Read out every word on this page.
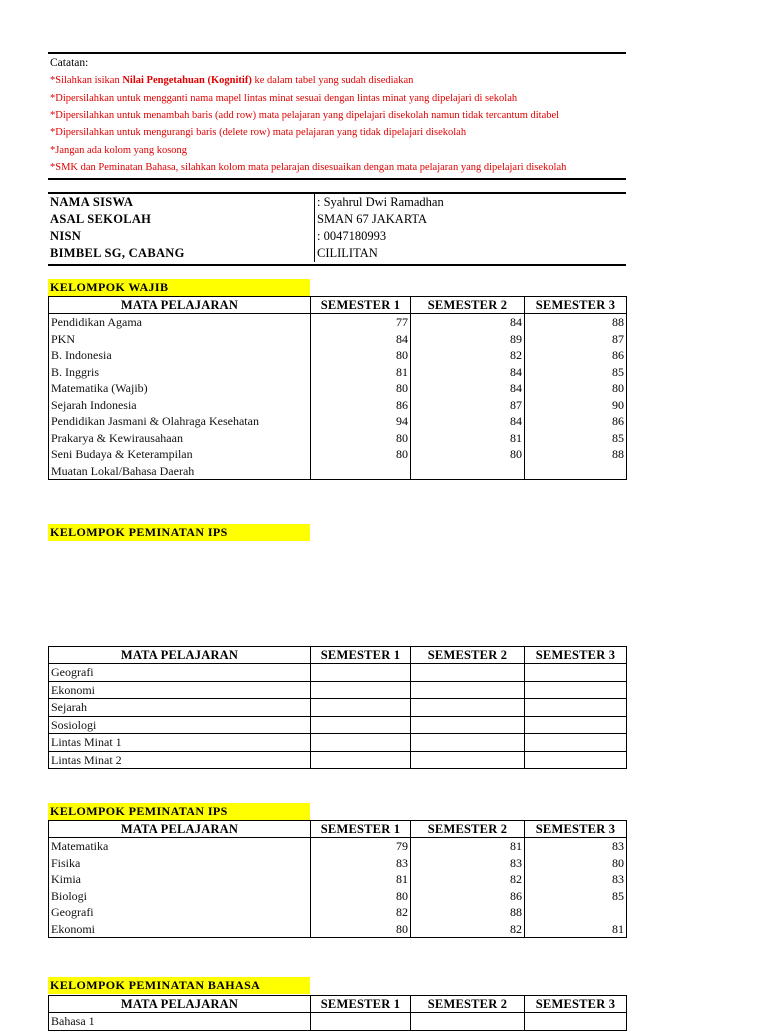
Catatan:
*Silahkan isikan Nilai Pengetahuan (Kognitif) ke dalam tabel yang sudah disediakan
*Dipersilahkan untuk mengganti nama mapel lintas minat sesuai dengan lintas minat yang dipelajari di sekolah
*Dipersilahkan untuk menambah baris (add row) mata pelajaran yang dipelajari disekolah namun tidak tercantum ditabel
*Dipersilahkan untuk mengurangi baris (delete row) mata pelajaran yang tidak dipelajari disekolah
*Jangan ada kolom yang kosong
*SMK dan Peminatan Bahasa, silahkan kolom mata pelarajan disesuaikan dengan mata pelajaran yang dipelajari disekolah
NAMA SISWA	: Syahrul Dwi Ramadhan
ASAL SEKOLAH	SMAN 67 JAKARTA
NISN	: 0047180993
BIMBEL SG, CABANG	CILILITAN
KELOMPOK WAJIB
MATA PELAJARAN	SEMESTER 1	SEMESTER 2	SEMESTER 3
Pendidikan Agama	77	84	88
PKN	84	89	87
B. Indonesia	80	82	86
B. Inggris	81	84	85
Matematika (Wajib)	80	84	80
Sejarah Indonesia	86	87	90
Pendidikan Jasmani & Olahraga Kesehatan	94	84	86
Prakarya & Kewirausahaan	80	81	85
Seni Budaya & Keterampilan	80	80	88
Muatan Lokal/Bahasa Daerah			
KELOMPOK PEMINATAN IPS
MATA PELAJARAN	SEMESTER 1	SEMESTER 2	SEMESTER 3
Geografi			
Ekonomi			
Sejarah			
Sosiologi			
Lintas Minat 1			
Lintas Minat 2			
KELOMPOK PEMINATAN IPS
MATA PELAJARAN	SEMESTER 1	SEMESTER 2	SEMESTER 3
Matematika	79	81	83
Fisika	83	83	80
Kimia	81	82	83
Biologi	80	86	85
Geografi	82	88	
Ekonomi	80	82	81
KELOMPOK PEMINATAN BAHASA
MATA PELAJARAN	SEMESTER 1	SEMESTER 2	SEMESTER 3
Bahasa 1			
